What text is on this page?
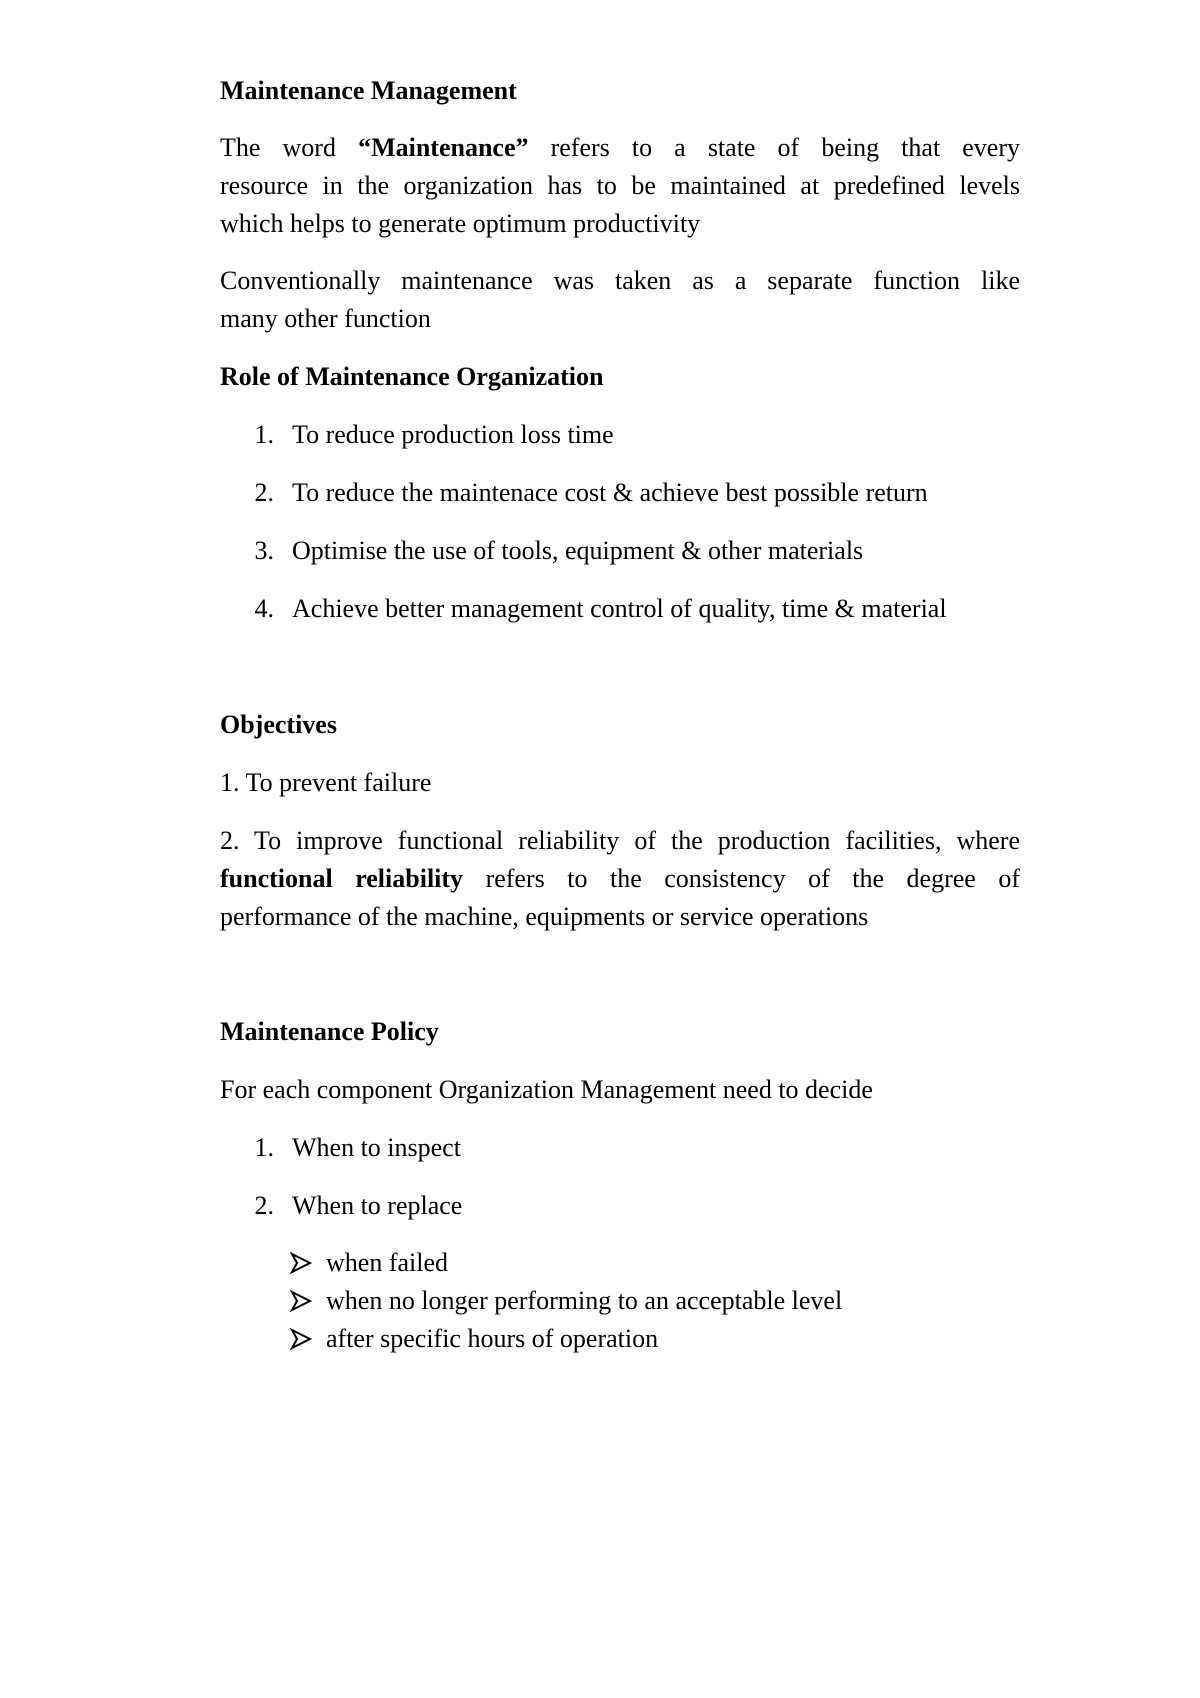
Maintenance Management

The word “Maintenance” refers to a state of being that every
resource in the organization has to be maintained at predefined levels
which helps to generate optimum productivity
Conventionally maintenance was taken as a separate function like
many other function

Role of Maintenance Organization

1. To reduce production loss time
2. To reduce the maintenace cost & achieve best possible return
3. Optimise the use of tools, equipment & other materials
4. Achieve better management control of quality, time & material

Objectives

1. To prevent failure

2. To improve functional reliability of the production facilities, where
functional reliability refers to the consistency of the degree of
performance of the machine, equipments or service operations

Maintenance Policy

For each component Organization Management need to decide

1. When to inspect
2. When to replace
when failed
when no longer performing to an acceptable level
after specific hours of operation
